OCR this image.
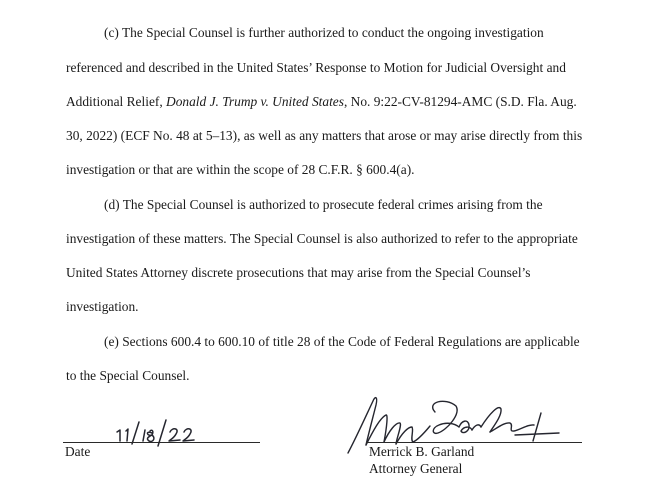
(c) The Special Counsel is further authorized to conduct the ongoing investigation
referenced and described in the United States’ Response to Motion for Judicial Oversight and
Additional Relief, Donald J. Trump v. United States, No. 9:22-CV-81294-AMC (S.D. Fla. Aug.
30, 2022) (ECF No. 48 at 5–13), as well as any matters that arose or may arise directly from this
investigation or that are within the scope of 28 C.F.R. § 600.4(a).
(d) The Special Counsel is authorized to prosecute federal crimes arising from the
investigation of these matters. The Special Counsel is also authorized to refer to the appropriate
United States Attorney discrete prosecutions that may arise from the Special Counsel’s
investigation.
(e) Sections 600.4 to 600.10 of title 28 of the Code of Federal Regulations are applicable
to the Special Counsel.
Date	Merrick B. Garland
Attorney General
